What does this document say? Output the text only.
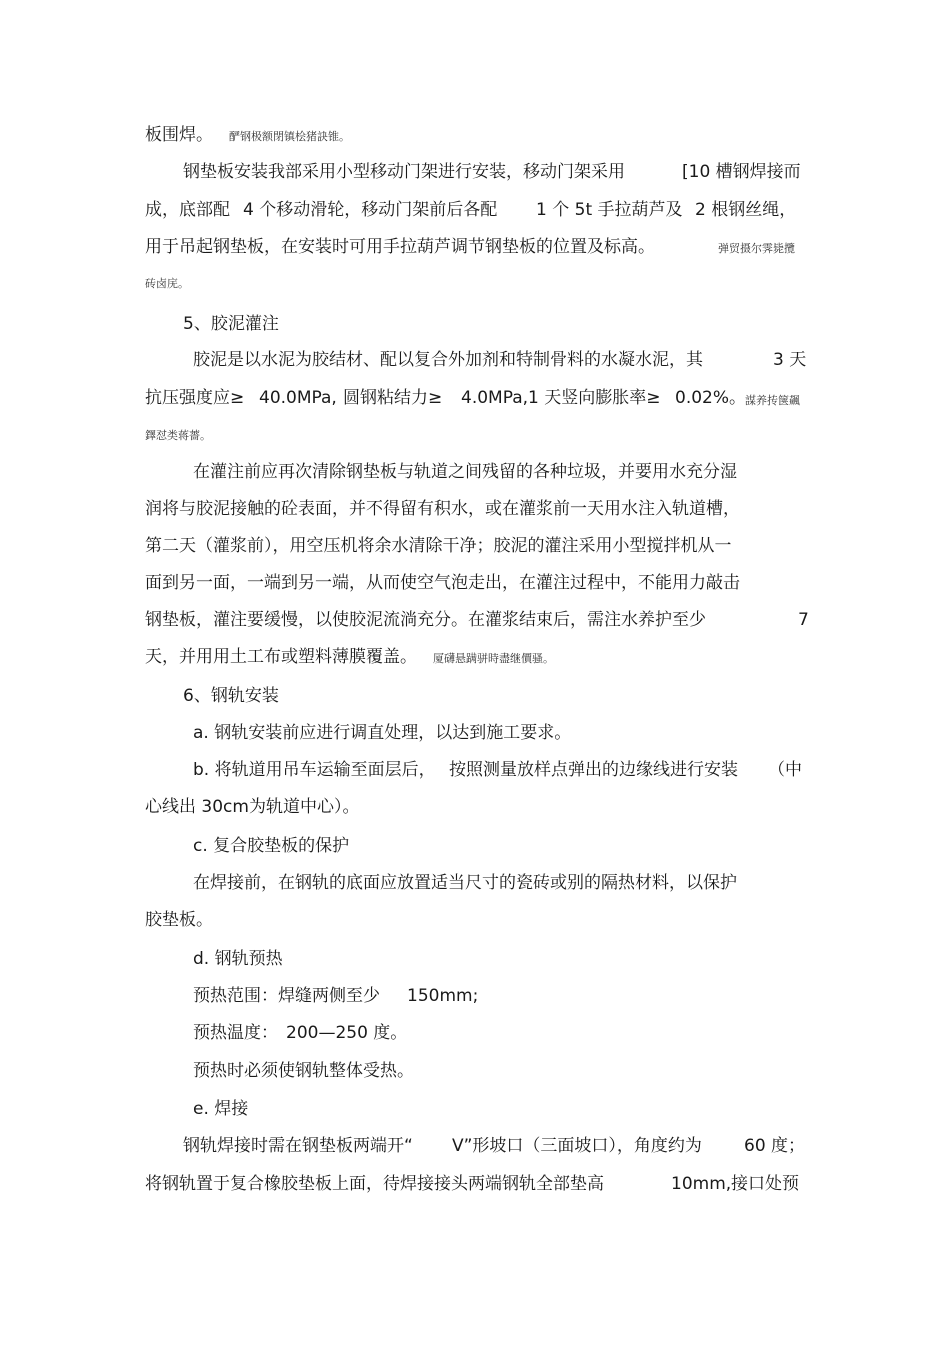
板围焊。 酽钢极额閉镇桧猪訣锥。
钢垫板安装我部采用小型移动门架进行安装，移动门架采用	[10 槽钢焊接而
成，底部配 4 个移动滑轮，移动门架前后各配 1 个 5t 手拉葫芦及 2 根钢丝绳，
用于吊起钢垫板，在安装时可用手拉葫芦调节钢垫板的位置及标高。	弹贸摄尔霁毙攬
砖卤庑。
5、胶泥灌注
胶泥是以水泥为胶结材、配以复合外加剂和特制骨料的水凝水泥，其	3 天
抗压强度应≥ 40.0MPa, 圆钢粘结力≥ 4.0MPa,1 天竖向膨胀率≥ 0.02%。
謀养抟箧飆
鐸怼类蒋薔。
在灌注前应再次清除钢垫板与轨道之间残留的各种垃圾，并要用水充分湿
润将与胶泥接触的砼表面，并不得留有积水，或在灌浆前一天用水注入轨道槽，
第二天（灌浆前），用空压机将余水清除干净；胶泥的灌注采用小型搅拌机从一
面到另一面，一端到另一端，从而使空气泡走出，在灌注过程中，不能用力敲击
钢垫板，灌注要缓慢，以使胶泥流淌充分。在灌浆结束后，需注水养护至少	7
天，并用用土工布或塑料薄膜覆盖。 厦礴悬蹒骈時盡继價骚。
6、钢轨安装
a. 钢轨安装前应进行调直处理，以达到施工要求。
b. 将轨道用吊车运输至面层后， 按照测量放样点弹出的边缘线进行安装 （中
心线出 30cm为轨道中心）。
c. 复合胶垫板的保护
在焊接前，在钢轨的底面应放置适当尺寸的瓷砖或别的隔热材料，以保护
胶垫板。
d. 钢轨预热
预热范围：焊缝两侧至少 150mm;
预热温度： 200—250 度。
预热时必须使钢轨整体受热。
e. 焊接
钢轨焊接时需在钢垫板两端开“ V”形坡口（三面坡口），角度约为 60 度；
将钢轨置于复合橡胶垫板上面，待焊接接头两端钢轨全部垫高	10mm, 接口处预
